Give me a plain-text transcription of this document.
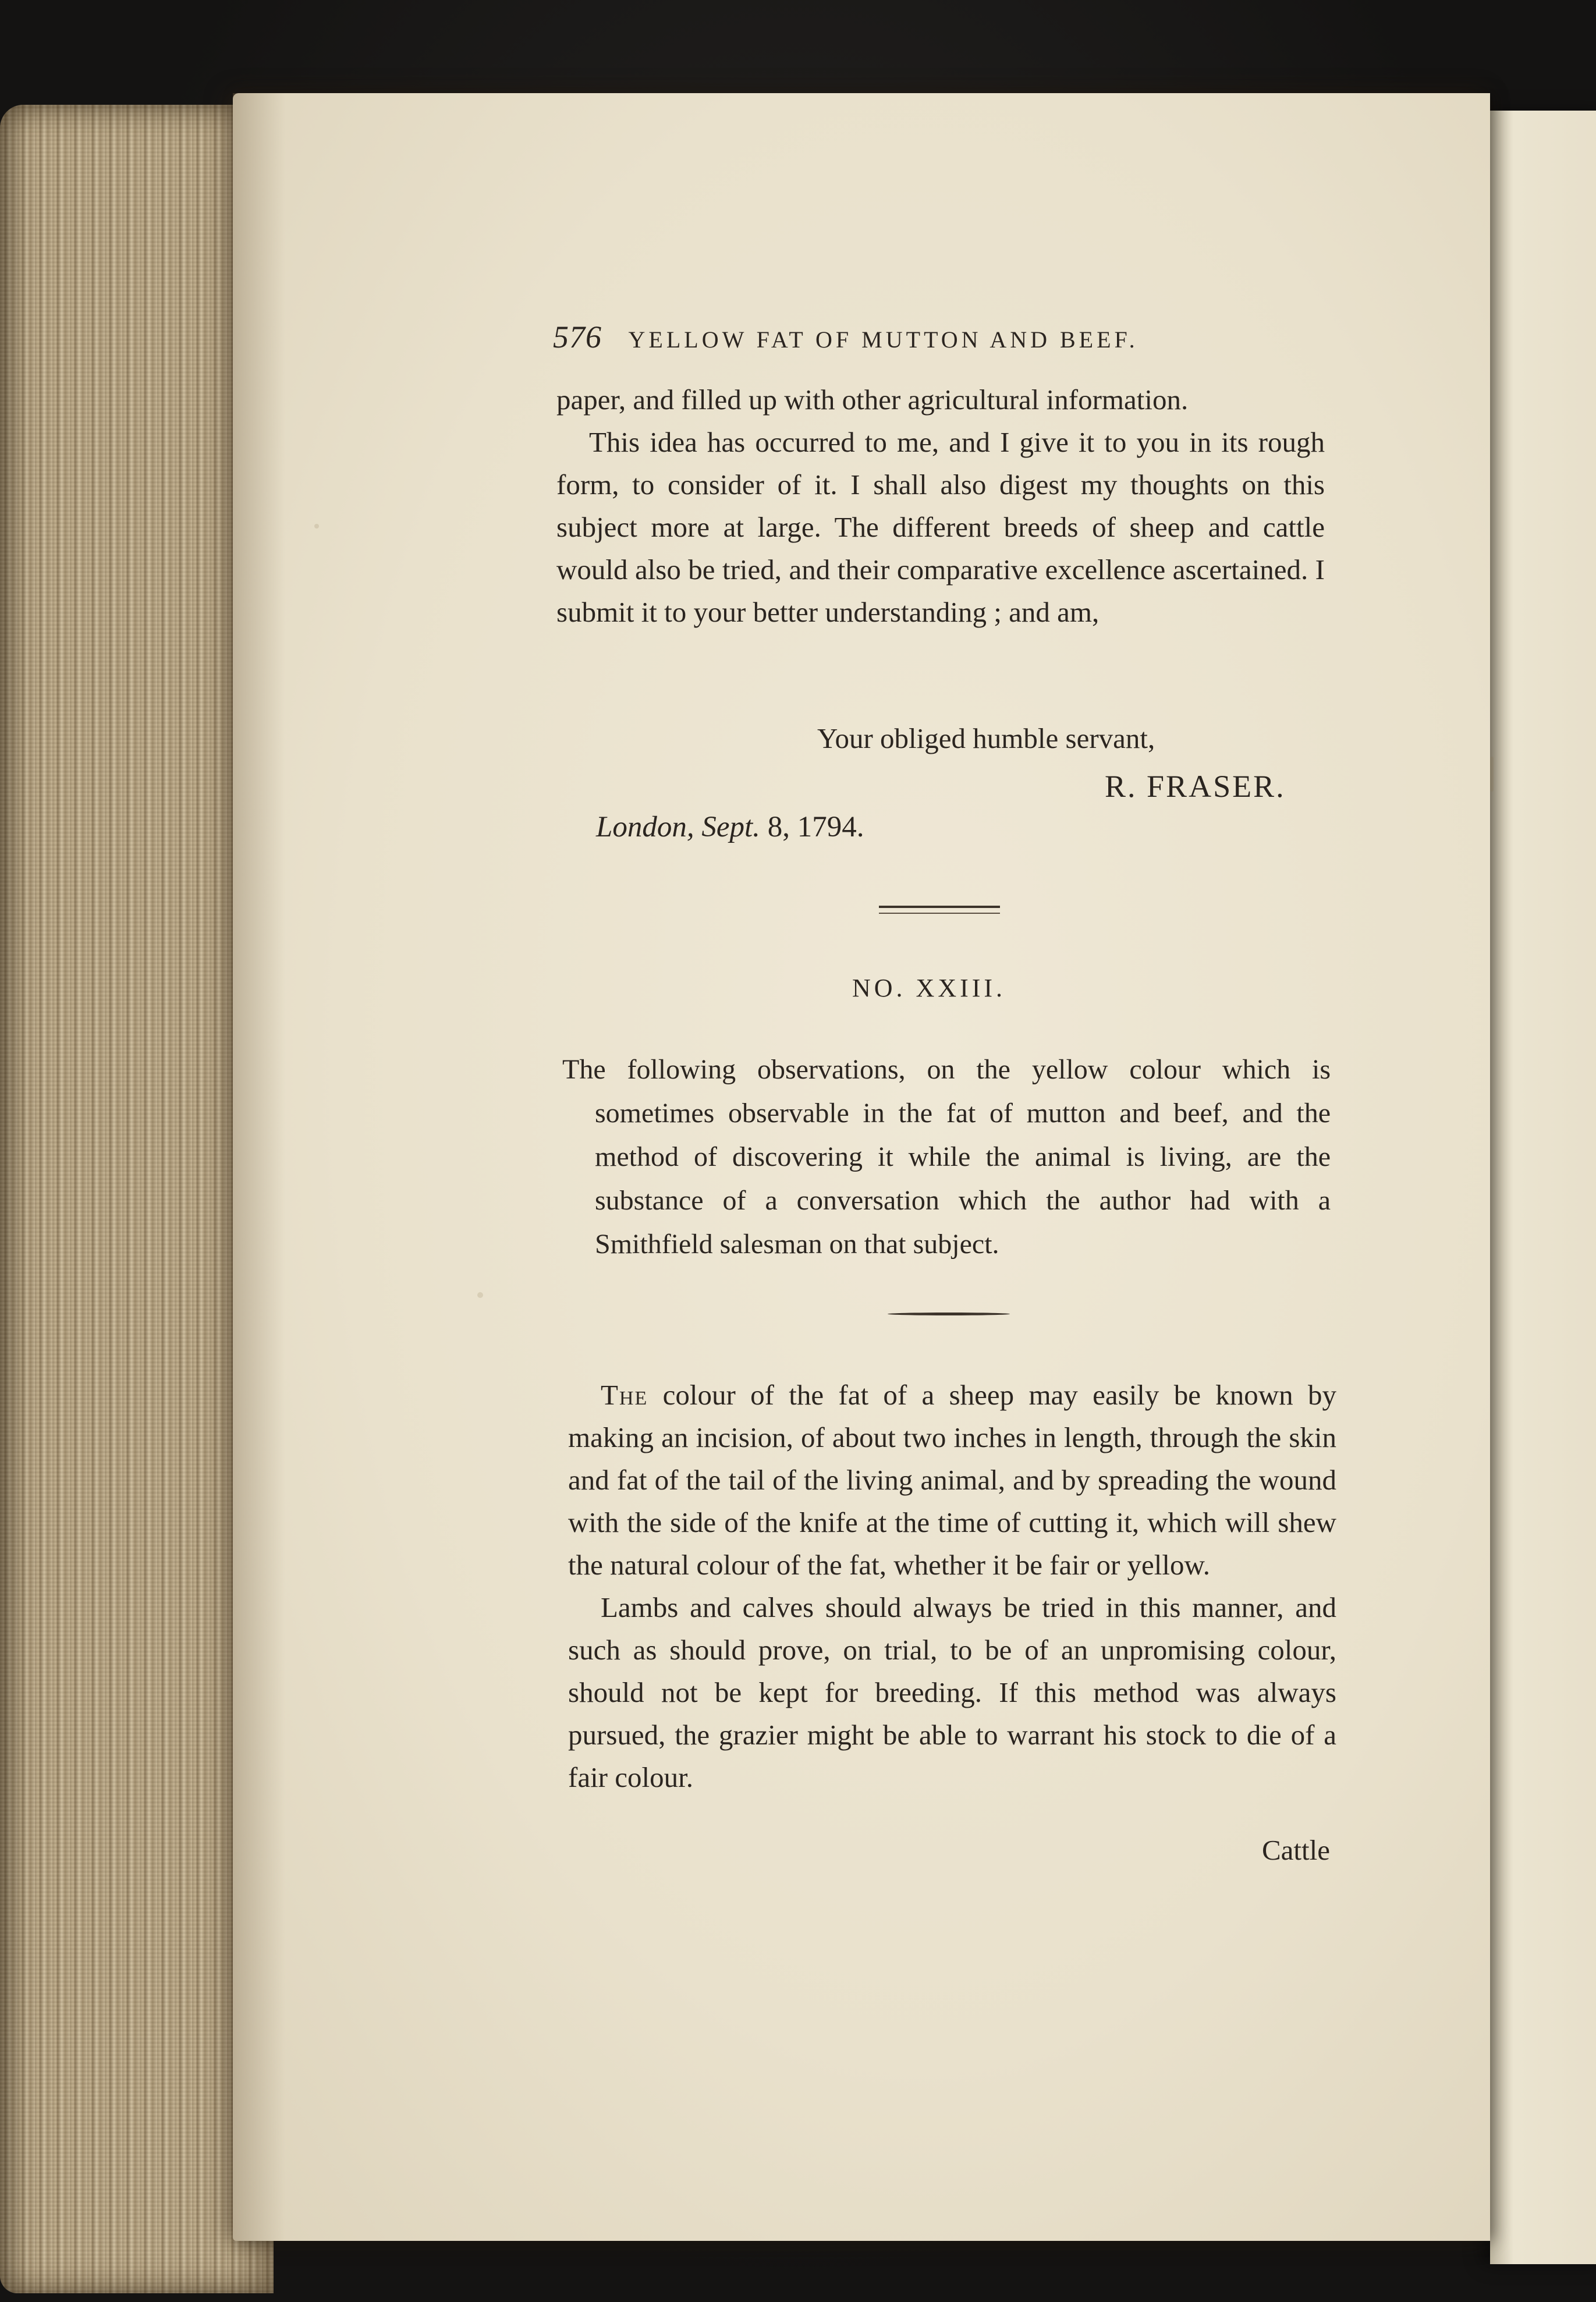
576 YELLOW FAT OF MUTTON AND BEEF.

paper, and filled up with other agricultural information.

This idea has occurred to me, and I give it to you in its rough form, to consider of it. I shall also digest my thoughts on this subject more at large. The different breeds of sheep and cattle would also be tried, and their comparative excellence ascertained. I submit it to your better understanding ; and am,

Your obliged humble servant,
R. FRASER.
London, Sept. 8, 1794.
NO. XXIII.

The following observations, on the yellow colour which is sometimes observable in the fat of mutton and beef, and the method of discovering it while the animal is living, are the substance of a conversation which the author had with a Smithfield salesman on that subject.

The colour of the fat of a sheep may easily be known by making an incision, of about two inches in length, through the skin and fat of the tail of the living animal, and by spreading the wound with the side of the knife at the time of cutting it, which will shew the natural colour of the fat, whether it be fair or yellow.

Lambs and calves should always be tried in this manner, and such as should prove, on trial, to be of an unpromising colour, should not be kept for breeding. If this method was always pursued, the grazier might be able to warrant his stock to die of a fair colour.

Cattle
